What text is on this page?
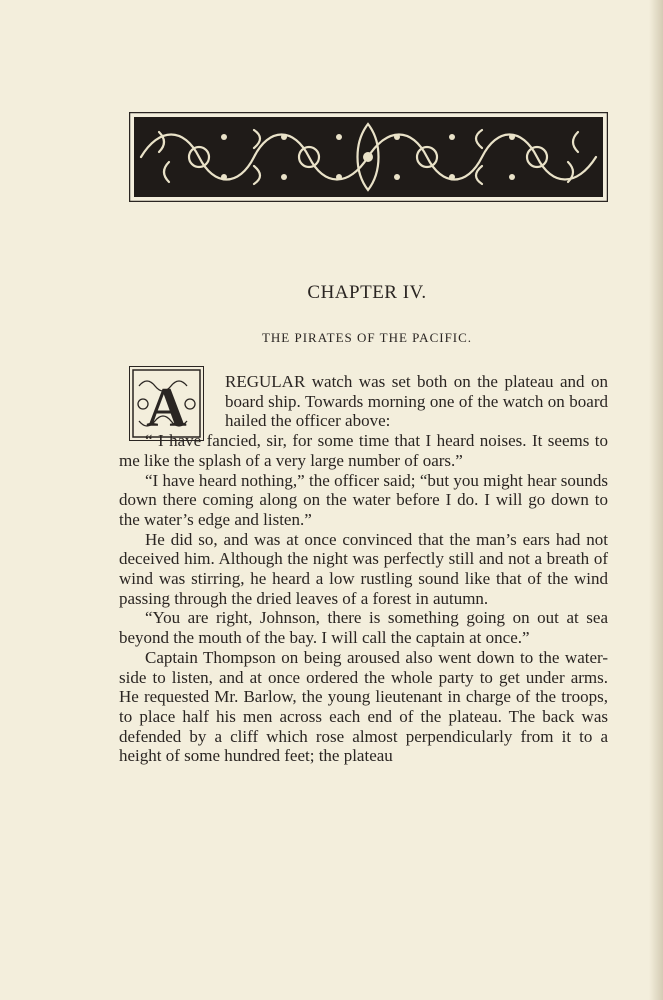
CHAPTER IV.
THE PIRATES OF THE PACIFIC.
A	REGULAR watch was set both on the plateau and on board ship. Towards morning one of the watch on board hailed the officer above:

“ I have fancied, sir, for some time that I heard noises. It seems to me like the splash of a very large number of oars.”

“I have heard nothing,” the officer said; “but you might hear sounds down there coming along on the water before I do. I will go down to the water’s edge and listen.”

He did so, and was at once convinced that the man’s ears had not deceived him. Although the night was perfectly still and not a breath of wind was stirring, he heard a low rustling sound like that of the wind passing through the dried leaves of a forest in autumn.

“You are right, Johnson, there is something going on out at sea beyond the mouth of the bay. I will call the captain at once.”

Captain Thompson on being aroused also went down to the water-side to listen, and at once ordered the whole party to get under arms. He requested Mr. Barlow, the young lieutenant in charge of the troops, to place half his men across each end of the plateau. The back was defended by a cliff which rose almost perpendicularly from it to a height of some hundred feet; the plateau
